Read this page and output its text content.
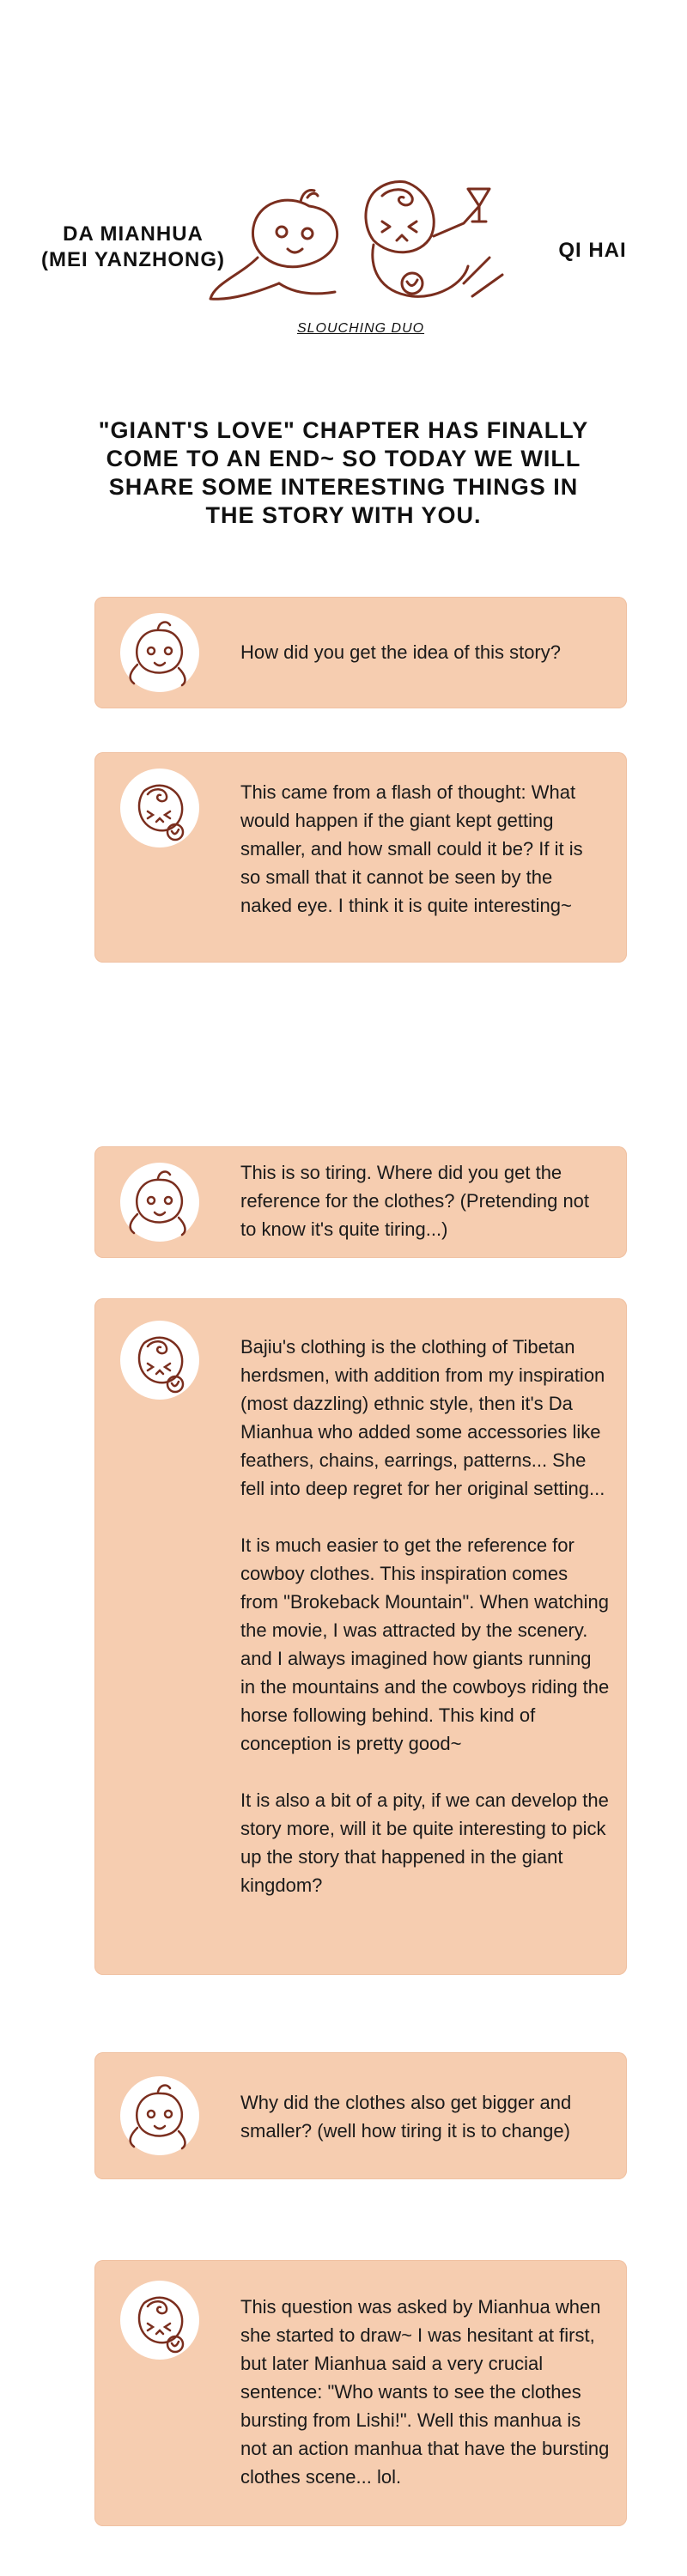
DA MIANHUA
(MEI YANZHONG)	QI HAI
SLOUCHING DUO
"GIANT'S LOVE" CHAPTER HAS FINALLY COME TO AN END~ SO TODAY WE WILL SHARE SOME INTERESTING THINGS IN THE STORY WITH YOU.

How did you get the idea of this story?

This came from a flash of thought: What would happen if the giant kept getting smaller, and how small could it be? If it is so small that it cannot be seen by the naked eye. I think it is quite interesting~

This is so tiring. Where did you get the reference for the clothes? (Pretending not to know it's quite tiring...)

Bajiu's clothing is the clothing of Tibetan herdsmen, with addition from my inspiration (most dazzling) ethnic style, then it's Da Mianhua who added some accessories like feathers, chains, earrings, patterns... She fell into deep regret for her original setting...

It is much easier to get the reference for cowboy clothes. This inspiration comes from "Brokeback Mountain". When watching the movie, I was attracted by the scenery. and I always imagined how giants running in the mountains and the cowboys riding the horse following behind. This kind of conception is pretty good~

It is also a bit of a pity, if we can develop the story more, will it be quite interesting to pick up the story that happened in the giant kingdom?

Why did the clothes also get bigger and smaller? (well how tiring it is to change)

This question was asked by Mianhua when she started to draw~ I was hesitant at first, but later Mianhua said a very crucial sentence: "Who wants to see the clothes bursting from Lishi!". Well this manhua is not an action manhua that have the bursting clothes scene... lol.
